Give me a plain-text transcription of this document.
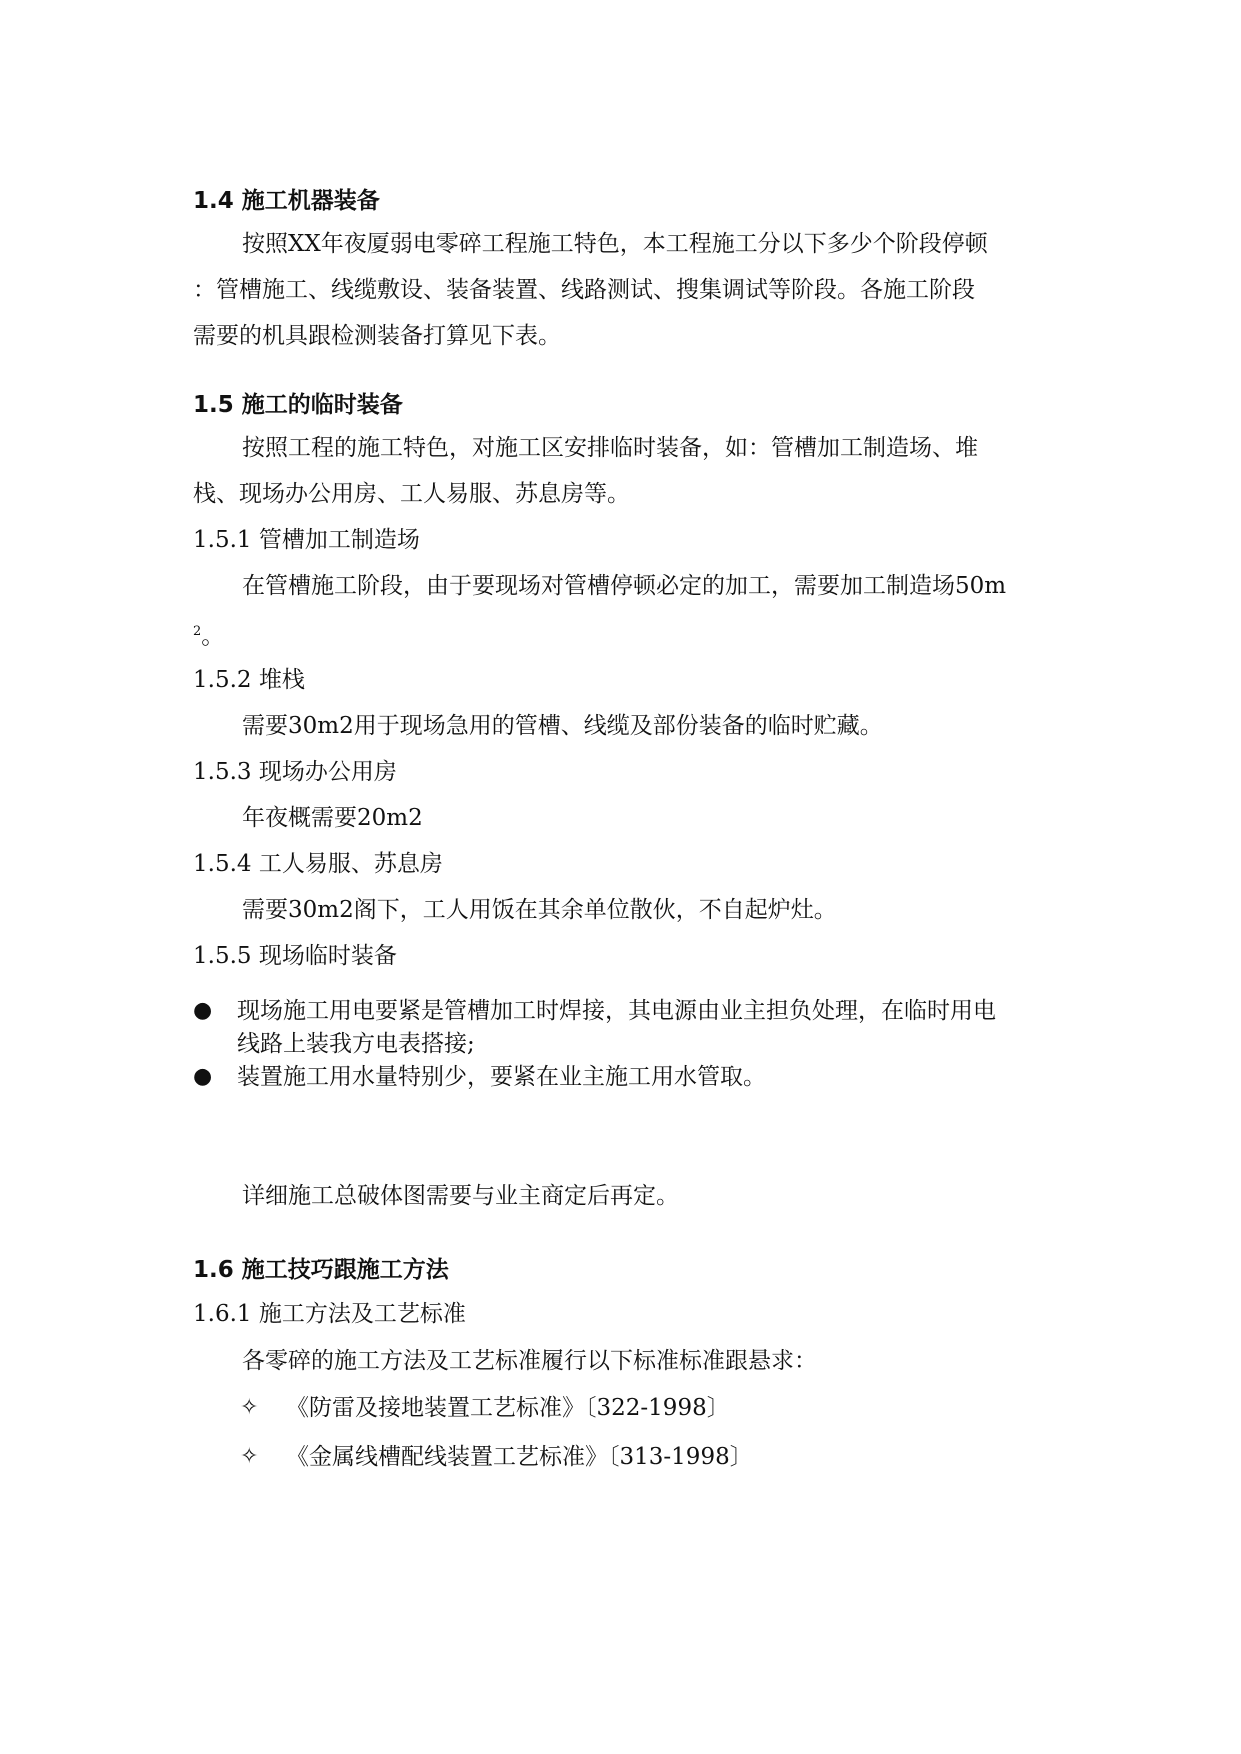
1.4 施工机器装备
按照XX年夜厦弱电零碎工程施工特色，本工程施工分以下多少个阶段停顿
：管槽施工、线缆敷设、装备装置、线路测试、搜集调试等阶段。各施工阶段
需要的机具跟检测装备打算见下表。
1.5 施工的临时装备
按照工程的施工特色，对施工区安排临时装备，如：管槽加工制造场、堆
栈、现场办公用房、工人易服、苏息房等。
1.5.1 管槽加工制造场
在管槽施工阶段，由于要现场对管槽停顿必定的加工，需要加工制造场50m
$^2$。
1.5.2 堆栈
需要30m2用于现场急用的管槽、线缆及部份装备的临时贮藏。
1.5.3 现场办公用房
年夜概需要20m2
1.5.4 工人易服、苏息房
需要30m2阁下，工人用饭在其余单位散伙，不自起炉灶。
1.5.5 现场临时装备
● 现场施工用电要紧是管槽加工时焊接，其电源由业主担负处理，在临时用电
线路上装我方电表搭接;
● 装置施工用水量特别少，要紧在业主施工用水管取。
详细施工总破体图需要与业主商定后再定。
1.6 施工技巧跟施工方法
1.6.1 施工方法及工艺标准
各零碎的施工方法及工艺标准履行以下标准标准跟悬求：
✧ 《防雷及接地装置工艺标准》〔322-1998〕
✧ 《金属线槽配线装置工艺标准》〔313-1998〕
